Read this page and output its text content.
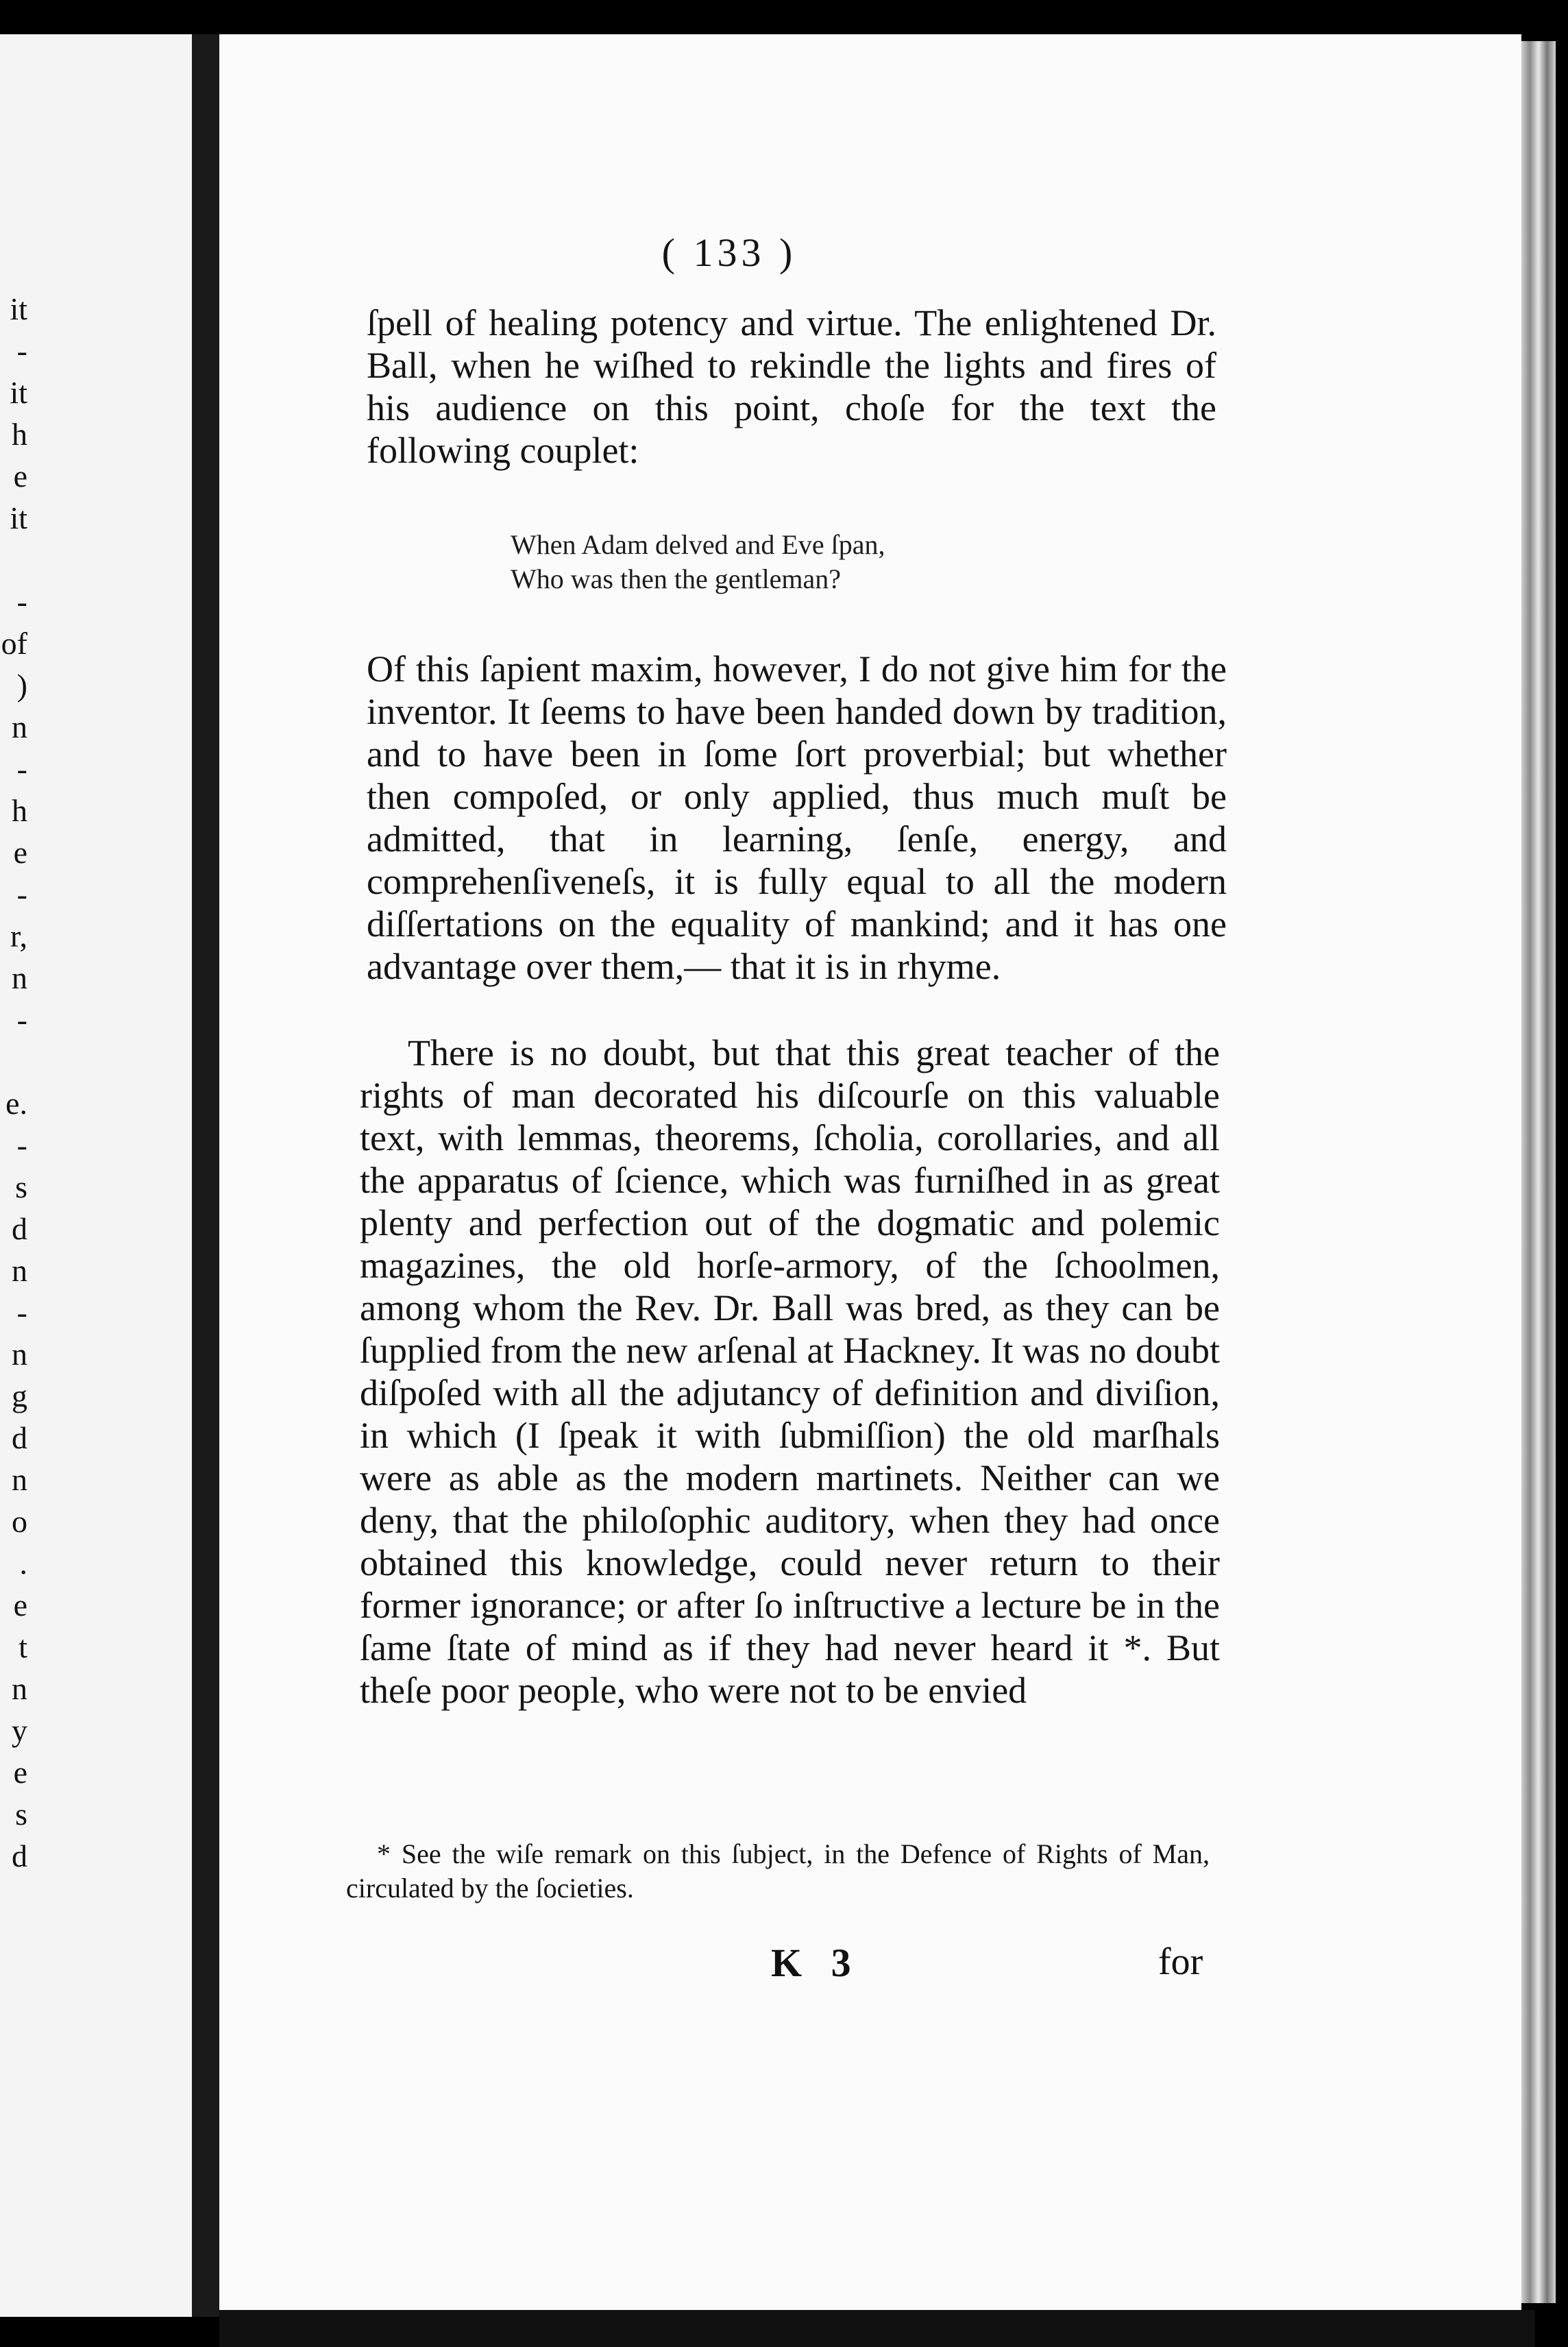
it
-
it
h
e
it
-
of
)
n
-
h
e
-
r,
n
-
e.
-
s
d
n
-
n
g
d
n
o
.
e
t
n
y
e
s
d
( 133 )

ſpell of healing potency and virtue. The enlightened Dr. Ball, when he wiſhed to rekindle the lights and fires of his audience on this point, choſe for the text the following couplet:

When Adam delved and Eve ſpan,
Who was then the gentleman?

Of this ſapient maxim, however, I do not give him for the inventor. It ſeems to have been handed down by tradition, and to have been in ſome ſort proverbial; but whether then compoſed, or only applied, thus much muſt be admitted, that in learning, ſenſe, energy, and comprehenſiveneſs, it is fully equal to all the modern diſſertations on the equality of mankind; and it has one advantage over them,— that it is in rhyme.

There is no doubt, but that this great teacher of the rights of man decorated his diſcourſe on this valuable text, with lemmas, theorems, ſcholia, corollaries, and all the apparatus of ſcience, which was furniſhed in as great plenty and perfection out of the dogmatic and polemic magazines, the old horſe-armory, of the ſchoolmen, among whom the Rev. Dr. Ball was bred, as they can be ſupplied from the new arſenal at Hackney. It was no doubt diſpoſed with all the adjutancy of definition and diviſion, in which (I ſpeak it with ſubmiſſion) the old marſhals were as able as the modern martinets. Neither can we deny, that the philoſophic auditory, when they had once obtained this knowledge, could never return to their former ignorance; or after ſo inſtructive a lecture be in the ſame ſtate of mind as if they had never heard it *. But theſe poor people, who were not to be envied

* See the wiſe remark on this ſubject, in the Defence of Rights of Man, circulated by the ſocieties.
K 3	for
